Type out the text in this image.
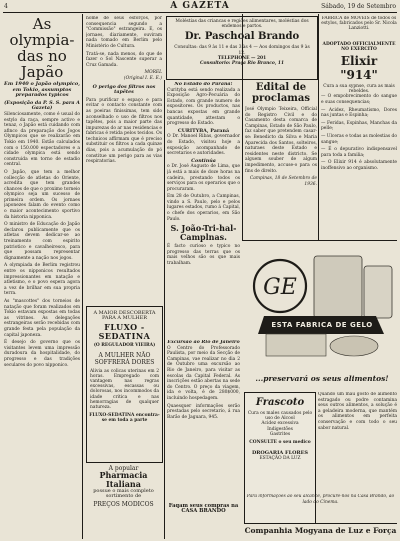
4	A GAZETA	Sábado, 19 de Setembro
As olympia-
das no Japão
Em 1940 o Japão olympico, em Tokio, assumptos preparados typicos
(Exposição da P. S. S. para A Gazeta)

Silenciosamente, como é usual do estylo da raça, sempre activo e tenaz, o Japão está cuidando com afinco da preparação dos Jogos Olympicos que se realizarão em Tokio em 1940. Estão calculados com o 150.000 espectadores e a cidade olympica está sendo construida em torno de estadio central.

O Japão, que tem a melhor collecção de atletas do Oriente, acredita que tem grandes chances de que o proximo torneio olympico seja um sucesso de primeira ordem. Os jornaes japonezes falam do evento como o maior acontecimento sportivo da historia nipponica.

O ministro de Educação do Japão declarou publicamente que os atletas devem dedicar-se ao treinamento com espirito patriotico e cavalheiresco, para que possam representar dignamente a nação nos jogos.

A olympiada de Berlim registrou entre os nipponicos resultados impressionantes em natação e atletismo, e o povo espera agora a vez de brilhar em sua propria terra.

As "mascottes" dos torneios de natação que foram realizados em Tokio estavam expostas em todas as vitrines. As delegações estrangeiras serão recebidas com grande festa pela população da capital japoneza.

É desejo do governo que os visitantes levem uma impressão duradoura da hospitalidade, do progresso e das tradições seculares do povo nipponico.

nome de seus esforços, por consequencia segundo a "Commissão" estrangeira. E, os jornaes, diariamente, ouviram nada tomado em Berlim pelo Ministério de Cultura.

Tratá-se, nada menos, do que de fazer o Sol Nascente superar a Cruz Gamada.

MOREL
(Original I. E. E.)
O perigo dos filtros nos tapêtes

Para purificar o espaço e para evitar o contacto constante com as poeiras finissimas, tem sido aconselhado o uso de filtros nos tapêtes, pois a maior parte das impurezas do ar nas residencias e fabricas é retida pelos tecidos. Os technicos affirmam que é preciso substituir os filtros a cada quinze dias, pois a acumulação do pó constitue um perigo para as vias respiratorias.

A MAIOR DESCOBERTA PARA A MULHER
FLUXO - SEDATINA
(O REGULADOR VIEIRA)
A MULHER NÃO SOFFRERÁ DORES
Alivia as colicas uterinas em 2 horas. Empregado com vantagem nas regras excessivas, escassas ou dolorosas, nos incommodos da idade critica e nas hemorragias de qualquer natureza.
FLUXO-SEDATINA encontra-se em toda a parte
A popular
Pharmacia Italiana
possue o mais completo sortimento de
PREÇOS MODICOS
Moléstias das criancas e regiões alimentares, moléstias dos endemos e partos.
Dr. Paschoal Brando
Consultas: das 9 às 11 e das 3 às 4 — Aos domingos das 9 às 12.
TELEPHONE — 201
Consultorio: Praça Rio Branco, 11
No Estado do Paraná!

Curityba está sendo realizada a Exposição Agro-Pecuária do Estado, com grande numero de expositores. Os productos, nas bancas expostas em grande quantidade, attestam o progresso do Estado.

CURITYBA, Paraná

O Dr. Manoel Ribas, governador do Estado, visitou hoje a exposição acompanhado de secretarios e autoridades.

Continúa

o Dr. José Augusto de Lima, que já está a mais de doze horas na cadeira, prestando todos os serviços para os operarios que o procuraram.

Em 28 de Outubro, a Campinas, vindo a S. Paulo, pelo e pelos lugares estados, rumo á Capital, o chefe dos operarios, em São Paulo.

S. João-Tri-hal-Camplnas.

É facto curioso e typico no progresso das terras que os mais velhos são os que mais trabalham.

Excursão ao Rio de Janeiro

O Centro do Professorado Paulista, por meio da Secção de Campinas, vae realizar no dia 2 de Outubro uma excursão ao Rio de Janeiro, para visitar as escolas da Capital Federal. As inscrições estão abertas na sede do Centro. O preço da viagem, ida e volta, é de 280$000, incluindo hospedagem.

Quaesquer informações serão prestadas pelo secretario, á rua Barão de Jaguara, 945.

Faqam seus compras na CASA BRANDO
Edital de proclamas

José Olympio Teixeira, Official do Registro Civil e do Casamento desta comarca de Campinas, Estado de São Paulo, faz saber que pretendem casar-se: Benedicto da Silva e Maria Aparecida dos Santos, solteiros, naturaes deste Estado e residentes neste districto. Se alguem souber de algum impedimento, accuse-o para os fins de direito.

Campinas, 18 de Setembro de 1936.
FABRICA de MOVEIS de todos os estylos, fabricados pelo Sr. Nicola Lanziotti.
ADOPTADO OFFICIALMENTE NO EXERCITO
Elixir "914"
Cura a sua sypnse, cura as mais rebeldes.

— O empobrecimento do sangue e suas consequencias;

— Acidez, Rheumatismo, Dores nas juntas e Espinha;

— Feridas, Espinhas, Manchas da pelle;

— Ulceras e todas as molestias do sangue;

— É o depurativo indispensavel para toda a familia;

— O Elixir 914 é absolutamente inoffensivo ao organismo.

GE
ESTA FABRICA DE GELO
...preservará os seus alimentos!
Frascoto
Cura os males causados pelo uso de Alcool
Acidez excessiva
Indigestões
Gastrites
CONSULTE o seu medico
DROGARIA FLORES
ESTAÇÃO DA LUZ

Quando um mau gosto de alimento estragado ou podre contamina seus outros alimentos, a solução é a geladeira moderna, que mantém os alimentos em perfeita conservação e com todo o seu sabor natural.

Para informações ao seu alcance, procure-nos na Casa Brando, ao lado do Cinema.

Companhia Mogyana de Luz e Força
